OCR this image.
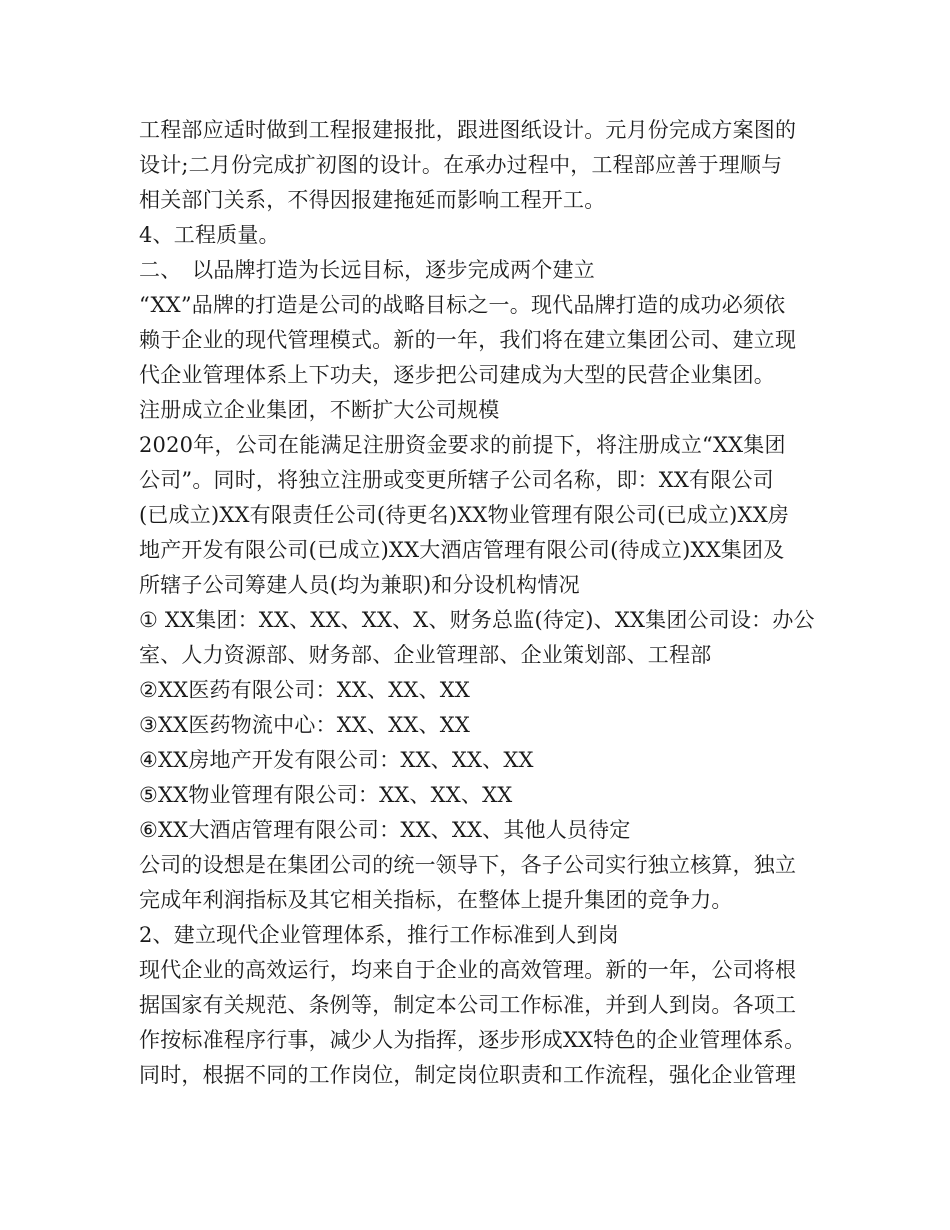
工程部应适时做到工程报建报批，跟进图纸设计。元月份完成方案图的
设计;二月份完成扩初图的设计。在承办过程中，工程部应善于理顺与
相关部门关系，不得因报建拖延而影响工程开工。
4、工程质量。
二、　以品牌打造为长远目标，逐步完成两个建立
“XX”品牌的打造是公司的战略目标之一。现代品牌打造的成功必须依
赖于企业的现代管理模式。新的一年，我们将在建立集团公司、建立现
代企业管理体系上下功夫，逐步把公司建成为大型的民营企业集团。
注册成立企业集团，不断扩大公司规模
2020年，公司在能满足注册资金要求的前提下，将注册成立“XX集团
公司”。同时，将独立注册或变更所辖子公司名称，即：XX有限公司
(已成立)XX有限责任公司(待更名)XX物业管理有限公司(已成立)XX房
地产开发有限公司(已成立)XX大酒店管理有限公司(待成立)XX集团及
所辖子公司筹建人员(均为兼职)和分设机构情况
① XX集团：XX、XX、XX、X、财务总监(待定)、XX集团公司设：办公
室、人力资源部、财务部、企业管理部、企业策划部、工程部
②XX医药有限公司：XX、XX、XX
③XX医药物流中心：XX、XX、XX
④XX房地产开发有限公司：XX、XX、XX
⑤XX物业管理有限公司：XX、XX、XX
⑥XX大酒店管理有限公司：XX、XX、其他人员待定
公司的设想是在集团公司的统一领导下，各子公司实行独立核算，独立
完成年利润指标及其它相关指标，在整体上提升集团的竞争力。
2、建立现代企业管理体系，推行工作标准到人到岗
现代企业的高效运行，均来自于企业的高效管理。新的一年，公司将根
据国家有关规范、条例等，制定本公司工作标准，并到人到岗。各项工
作按标准程序行事，减少人为指挥，逐步形成XX特色的企业管理体系。
同时，根据不同的工作岗位，制定岗位职责和工作流程，强化企业管理
